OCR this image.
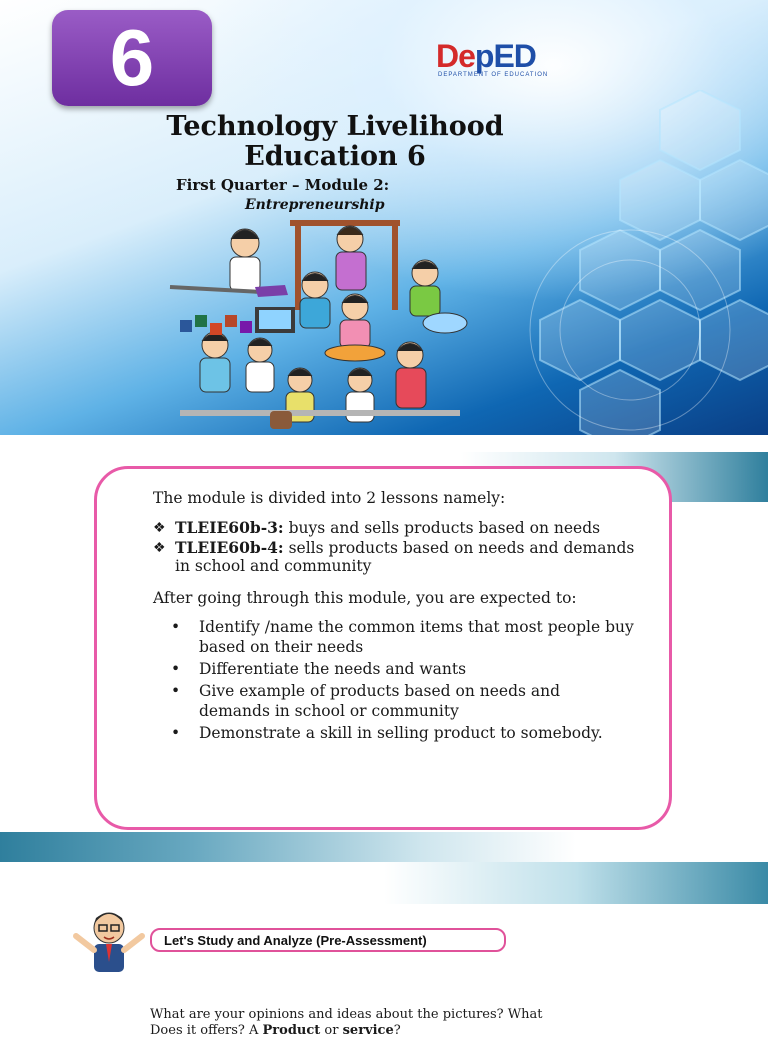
6	DepED
DEPARTMENT OF EDUCATION
Technology Livelihood
Education 6
First Quarter – Module 2:
Entrepreneurship

The module is divided into 2 lessons namely:

❖ TLEIE60b-3: buys and sells products based on needs
❖ TLEIE60b-4: sells products based on needs and demands in school and community

After going through this module, you are expected to:

• Identify /name the common items that most people buy based on their needs
• Differentiate the needs and wants
• Give example of products based on needs and demands in school or community
• Demonstrate a skill in selling product to somebody.
Let's Study and Analyze (Pre-Assessment)

What are your opinions and ideas about the pictures? What Does it offers? A Product or service?
